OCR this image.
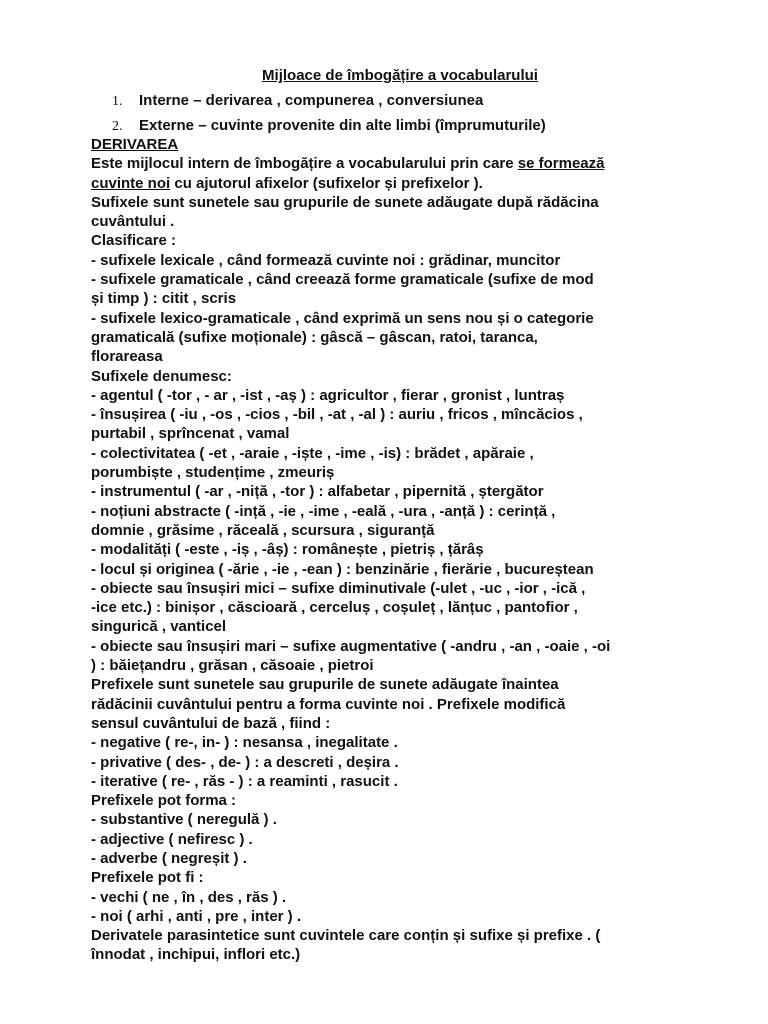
Mijloace de îmbogățire a vocabularului
1. Interne – derivarea , compunerea , conversiunea
2. Externe – cuvinte provenite din alte limbi (împrumuturile)
DERIVAREA
Este mijlocul intern de îmbogățire a vocabularului prin care se formează
cuvinte noi cu ajutorul afixelor (sufixelor și prefixelor ).
Sufixele sunt sunetele sau grupurile de sunete adăugate după rădăcina
cuvântului .
Clasificare :
- sufixele lexicale , când formează cuvinte noi : grădinar, muncitor
- sufixele gramaticale , când creează forme gramaticale (sufixe de mod
și timp ) : citit , scris
- sufixele lexico-gramaticale , când exprimă un sens nou și o categorie
gramaticală (sufixe moționale) : gâscă – gâscan, ratoi, taranca,
florareasa
Sufixele denumesc:
- agentul ( -tor , - ar , -ist , -aș ) : agricultor , fierar , gronist , luntraș
- însușirea ( -iu , -os , -cios , -bil , -at , -al ) : auriu , fricos , mîncăcios ,
purtabil , sprîncenat , vamal
- colectivitatea ( -et , -araie , -iște , -ime , -is) : brădet , apăraie ,
porumbiște , studențime , zmeuriș
- instrumentul ( -ar , -niță , -tor ) : alfabetar , pipernită , ștergător
- noțiuni abstracte ( -ință , -ie , -ime , -eală , -ura , -anță ) : cerință ,
domnie , grăsime , răceală , scursura , siguranță
- modalități ( -este , -iș , -âș) : românește , pietriș , țărâș
- locul și originea ( -ărie , -ie , -ean ) : benzinărie , fierărie , bucureștean
- obiecte sau însușiri mici – sufixe diminutivale (-ulet , -uc , -ior , -ică ,
-ice etc.) : binișor , căscioară , cerceluș , coșuleț , lănțuc , pantofior ,
singurică , vanticel
- obiecte sau însușiri mari – sufixe augmentative ( -andru , -an , -oaie , -oi
) : băiețandru , grăsan , căsoaie , pietroi
Prefixele sunt sunetele sau grupurile de sunete adăugate înaintea
rădăcinii cuvântului pentru a forma cuvinte noi . Prefixele modifică
sensul cuvântului de bază , fiind :
- negative ( re-, in- ) : nesansa , inegalitate .
- privative ( des- , de- ) : a descreti , deșira .
- iterative ( re- , răs - ) : a reaminti , rasucit .
Prefixele pot forma :
- substantive ( neregulă ) .
- adjective ( nefiresc ) .
- adverbe ( negreșit ) .
Prefixele pot fi :
- vechi ( ne , în , des , răs ) .
- noi ( arhi , anti , pre , inter ) .
Derivatele parasintetice sunt cuvintele care conțin și sufixe și prefixe . (
înnodat , inchipui, inflori etc.)
